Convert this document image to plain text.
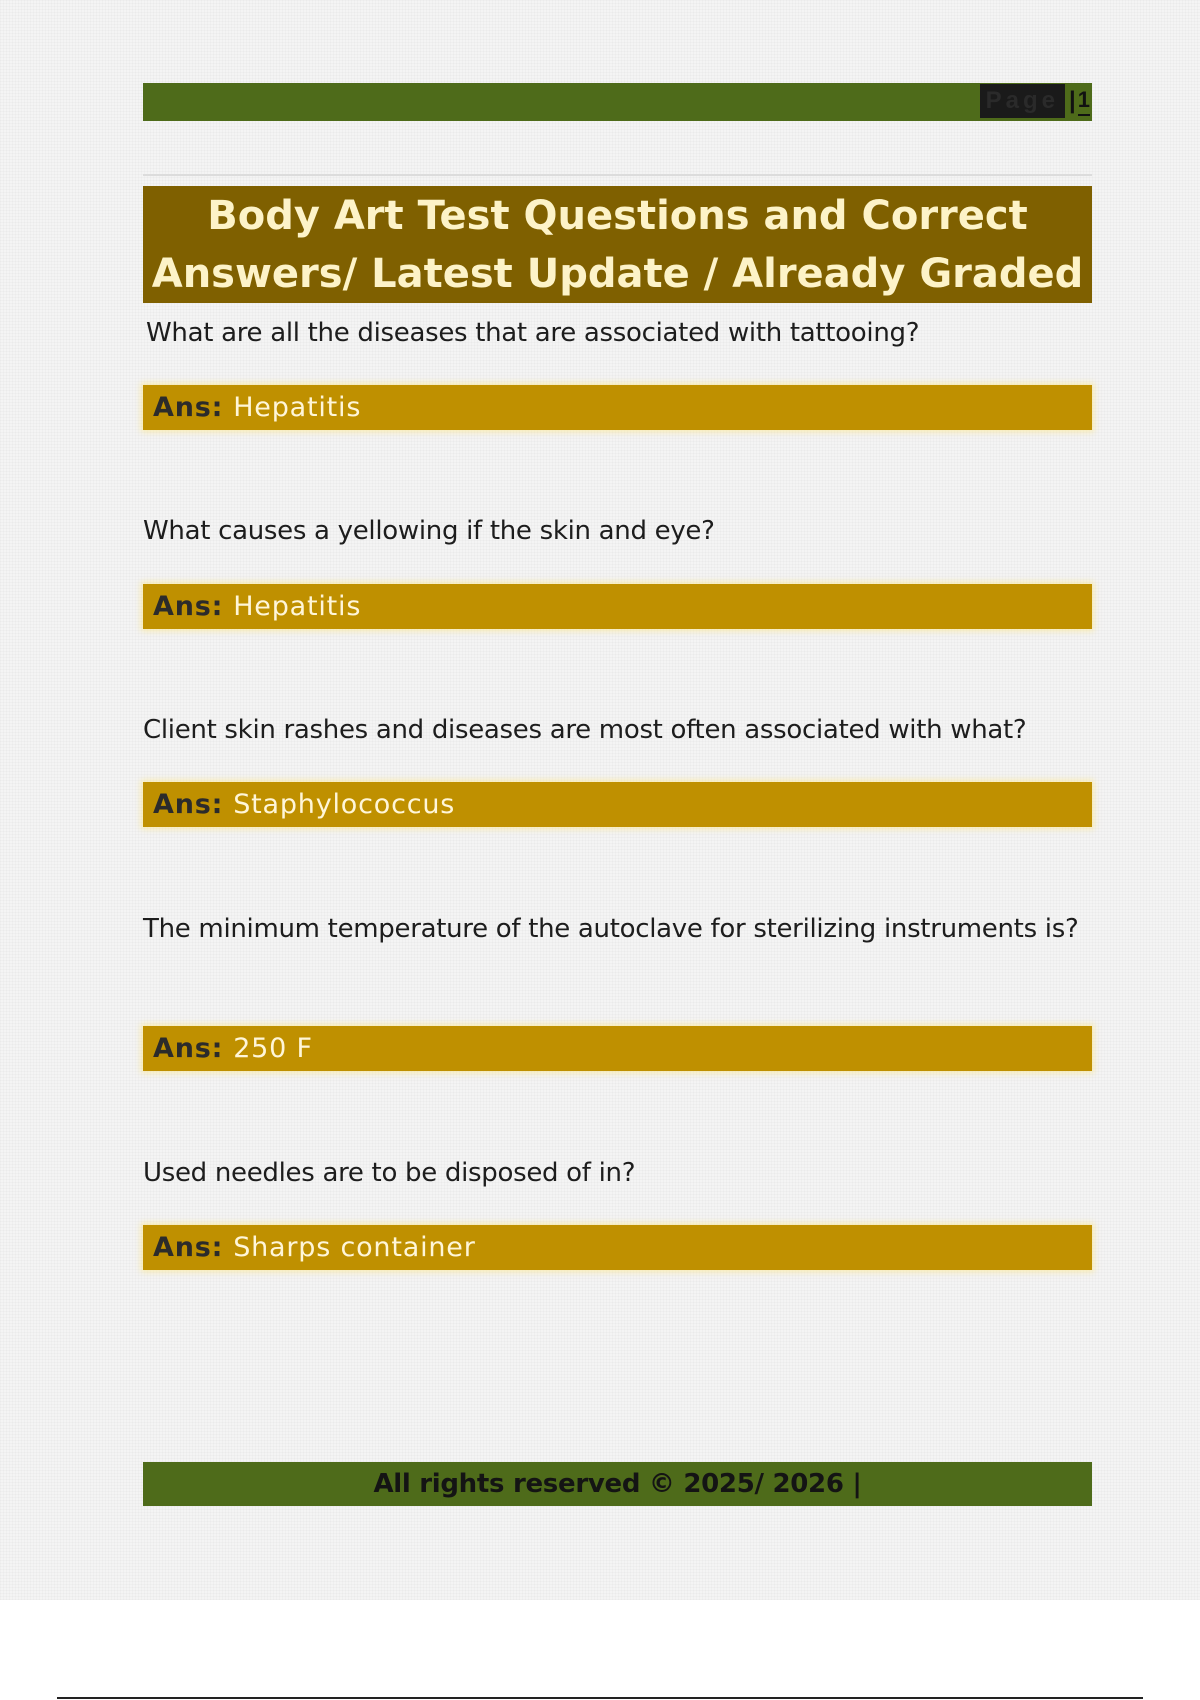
Page | 1
Body Art Test Questions and Correct Answers/ Latest Update / Already Graded
What are all the diseases that are associated with tattooing?
Ans: Hepatitis
What causes a yellowing if the skin and eye?
Ans: Hepatitis
Client skin rashes and diseases are most often associated with what?
Ans: Staphylococcus
The minimum temperature of the autoclave for sterilizing instruments is?
Ans: 250 F
Used needles are to be disposed of in?
Ans: Sharps container
All rights reserved © 2025/ 2026 |
